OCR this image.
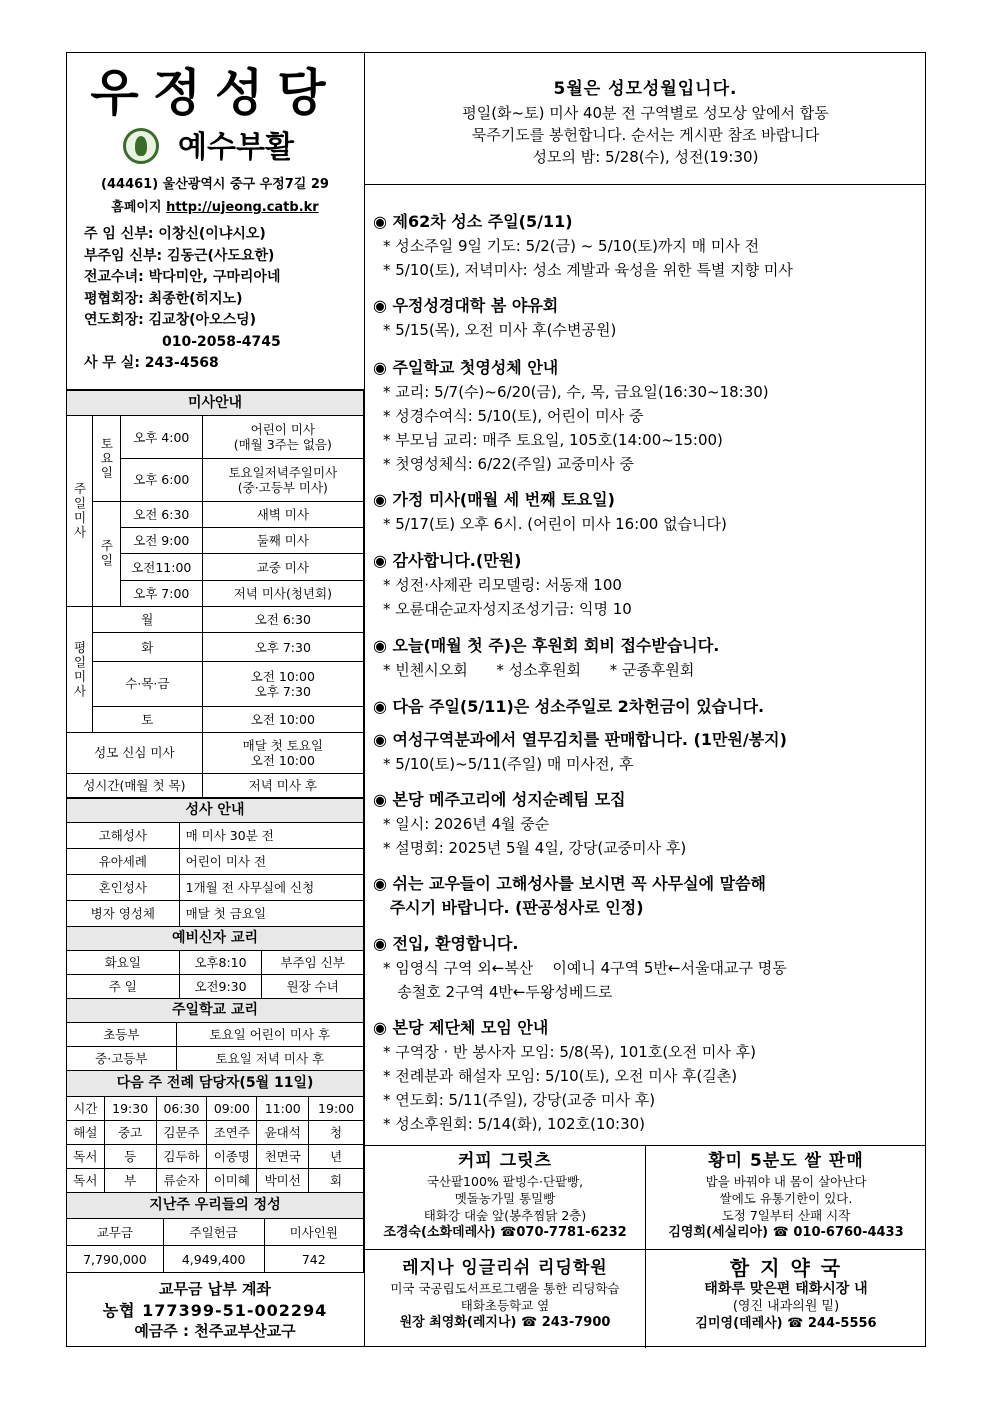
우정성당
예수부활
(44461) 울산광역시 중구 우정7길 29
홈페이지 http://ujeong.catb.kr
주 임 신부: 이창신(이냐시오)
부주임 신부: 김동근(사도요한)
전교수녀: 박다미안, 구마리아네
평협회장: 최종한(히지노)
연도회장: 김교창(아오스딩)
010-2058-4745
사 무 실: 243-4568
미사안내			
주일미사	토요일	오후 4:00	어린이 미사
(매월 3주는 없음)

		오후 6:00	토요일저녁주일미사
(중·고등부 미사)

	주일	오전 6:30	새벽 미사
		오전 9:00	둘째 미사
		오전11:00	교중 미사
		오후 7:00	저녁 미사(청년회)
평일미사	월		오전 6:30
	화		오후 7:30
	수·목·금		오전 10:00
오후 7:30

	토		오전 10:00
성모 신심 미사			매달 첫 토요일
오전 10:00

성시간(매월 첫 목)			저녁 미사 후
성사 안내	
고해성사	매 미사 30분 전
유아세례	어린이 미사 전
혼인성사	1개월 전 사무실에 신청
병자 영성체	매달 첫 금요일
예비신자 교리		
화요일	오후8:10	부주임 신부
주 일	오전9:30	원장 수녀
주일학교 교리	
초등부	토요일 어린이 미사 후
중·고등부	토요일 저녁 미사 후
다음 주 전례 담당자(5월 11일)					
시간	19:30	06:30	09:00	11:00	19:00
해설	중고	김문주	조연주	윤대석	청
독서	등	김두하	이종명	천면국	년
독서	부	류순자	이미혜	박미선	회
지난주 우리들의 정성		
교무금	주일헌금	미사인원
7,790,000	4,949,400	742
교무금 납부 계좌
농협 177399-51-002294
예금주 : 천주교부산교구
5월은 성모성월입니다.
평일(화~토) 미사 40분 전 구역별로 성모상 앞에서 합동
묵주기도를 봉헌합니다. 순서는 게시판 참조 바랍니다
성모의 밤: 5/28(수), 성전(19:30)
◉ 제62차 성소 주일(5/11)
* 성소주일 9일 기도: 5/2(금) ~ 5/10(토)까지 매 미사 전
* 5/10(토), 저녁미사: 성소 계발과 육성을 위한 특별 지향 미사
◉ 우정성경대학 봄 야유회
* 5/15(목), 오전 미사 후(수변공원)
◉ 주일학교 첫영성체 안내
* 교리: 5/7(수)~6/20(금), 수, 목, 금요일(16:30~18:30)
* 성경수여식: 5/10(토), 어린이 미사 중
* 부모님 교리: 매주 토요일, 105호(14:00~15:00)
* 첫영성체식: 6/22(주일) 교중미사 중
◉ 가정 미사(매월 세 번째 토요일)
* 5/17(토) 오후 6시. (어린이 미사 16:00 없습니다)
◉ 감사합니다.(만원)
* 성전·사제관 리모델링: 서동재 100
* 오륜대순교자성지조성기금: 익명 10
◉ 오늘(매월 첫 주)은 후원회 회비 접수받습니다.
* 빈첸시오회      * 성소후원회      * 군종후원회
◉ 다음 주일(5/11)은 성소주일로 2차헌금이 있습니다.
◉ 여성구역분과에서 열무김치를 판매합니다. (1만원/봉지)
* 5/10(토)~5/11(주일) 매 미사전, 후
◉ 본당 메주고리에 성지순례팀 모집
* 일시: 2026년 4월 중순
* 설명회: 2025년 5월 4일, 강당(교중미사 후)
◉ 쉬는 교우들이 고해성사를 보시면 꼭 사무실에 말씀해
주시기 바랍니다. (판공성사로 인정)
◉ 전입, 환영합니다.
* 임영식 구역 외←복산    이예니 4구역 5반←서울대교구 명동
송철호 2구역 4반←두왕성베드로
◉ 본당 제단체 모임 안내
* 구역장 · 반 봉사자 모임: 5/8(목), 101호(오전 미사 후)
* 전례분과 해설자 모임: 5/10(토), 오전 미사 후(길촌)
* 연도회: 5/11(주일), 강당(교중 미사 후)
* 성소후원회: 5/14(화), 102호(10:30)
커피 그릿츠
국산팥100% 팥빙수·단팥빵,
멧돌농가밀 통밀빵
태화강 대숲 앞(봉추찜닭 2층)
조경숙(소화데레사) ☎070-7781-6232
황미 5분도 쌀 판매
밥을 바꿔야 내 몸이 살아난다
쌀에도 유통기한이 있다.
도정 7일부터 산패 시작
김영희(세실리아) ☎ 010-6760-4433
레지나 잉글리쉬 리딩학원
미국 국공립도서프로그램을 통한 리딩학습
태화초등학교 옆
원장 최영화(레지나) ☎ 243-7900
함 지 약 국
태화루 맞은편 태화시장 내
(영진 내과의원 밑)
김미영(데레사) ☎ 244-5556
